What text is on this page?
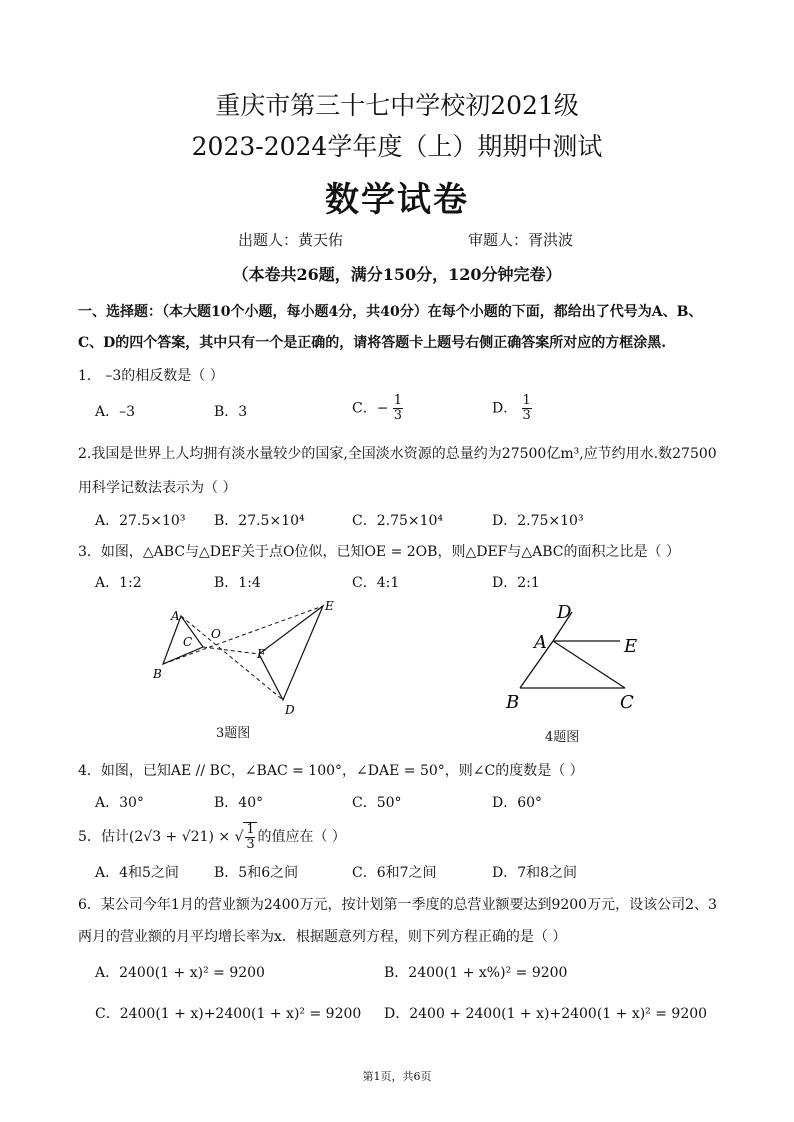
重庆市第三十七中学校初2021级
2023-2024学年度（上）期期中测试
数学试卷
出题人：黄天佑	审题人：胥洪波
（本卷共26题，满分150分，120分钟完卷）
一、选择题：（本大题10个小题，每小题4分，共40分）在每个小题的下面，都给出了代号为A、B、
C、D的四个答案，其中只有一个是正确的，请将答题卡上题号右侧正确答案所对应的方框涂黑.
1． –3的相反数是（ ）
A．–3	B．3	C．− $\frac{1}{3}$	D． $\frac{1}{3}$
2.我国是世界上人均拥有淡水量较少的国家,全国淡水资源的总量约为27500亿m³,应节约用水.数27500
用科学记数法表示为（ ）
A．27.5×10³ B．27.5×10⁴	C．2.75×10⁴	D．2.75×10³
3．如图，△ABC与△DEF关于点O位似，已知OE = 2OB，则△DEF与△ABC的面积之比是（ ）
A．1:2	B．1:4	C．4:1	D．2:1
A
B
C
O
D
E
F
3题图
D
A	E
B	C
4题图
4．如图，已知AE // BC，∠BAC = 100°，∠DAE = 50°，则∠C的度数是（ ）
A．30°	B．40°	C．50°	D．60°
5．估计(2√3 + √21) × √ $\frac{1}{3}$ 的值应在（ ）
A．4和5之间	B．5和6之间	C．6和7之间	D．7和8之间
6．某公司今年1月的营业额为2400万元，按计划第一季度的总营业额要达到9200万元，设该公司2、3
两月的营业额的月平均增长率为x．根据题意列方程，则下列方程正确的是（ ）
A．2400(1 + x)² = 9200	B．2400(1 + x%)² = 9200
C．2400(1 + x)+2400(1 + x)² = 9200 D．2400 + 2400(1 + x)+2400(1 + x)² = 9200
第1页，共6页
